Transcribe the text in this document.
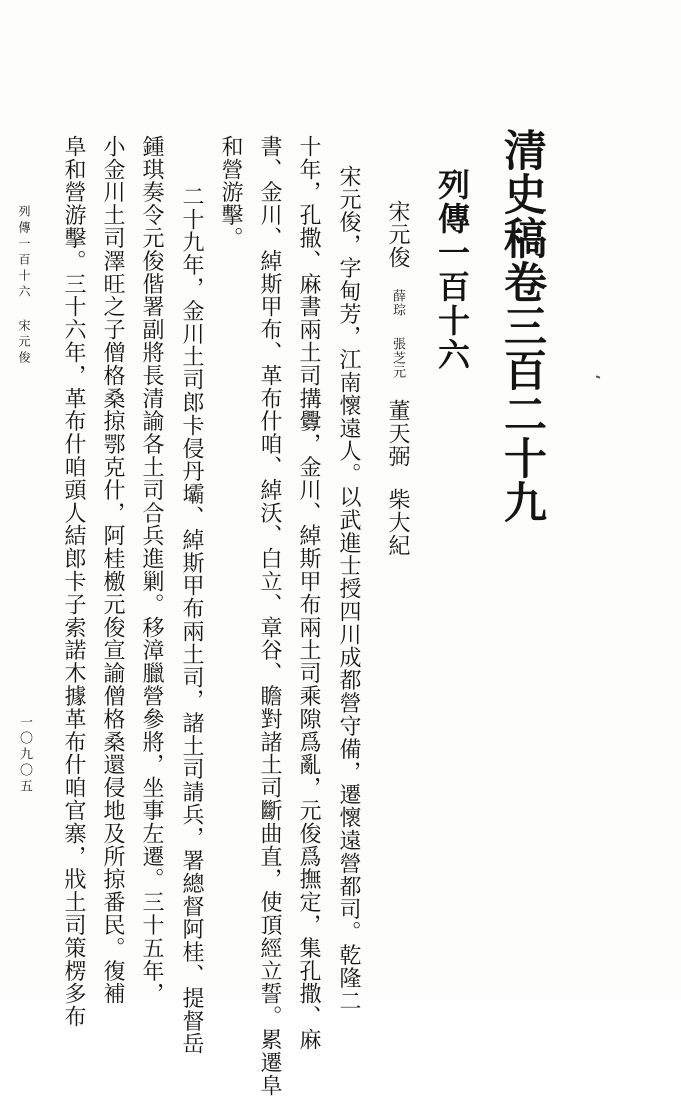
清史稿卷三百二十九
列傳一百十六
宋元俊薛琮張芝元董天弼柴大紀
宋元俊，字甸芳，江南懷遠人。以武進士授四川成都營守備，遷懷遠營都司。乾隆二
十年，孔撒、麻書兩土司搆釁，金川、綽斯甲布兩土司乘隙爲亂，元俊爲撫定，集孔撒、麻
書、金川、綽斯甲布、革布什咱、綽沃、白立、章谷、瞻對諸土司斷曲直，使頂經立誓。累遷阜
和營游擊。
二十九年，金川土司郎卡侵丹壩、綽斯甲布兩土司，諸土司請兵，署總督阿桂、提督岳
鍾琪奏令元俊偕署副將長清諭各土司合兵進剿。移漳臘營參將，坐事左遷。三十五年，
小金川土司澤旺之子僧格桑掠鄂克什，阿桂檄元俊宣諭僧格桑還侵地及所掠番民。復補
阜和營游擊。三十六年，革布什咱頭人結郎卡子索諾木據革布什咱官寨，戕土司策楞多布
列傳一百十六 宋元俊
一〇九〇五
